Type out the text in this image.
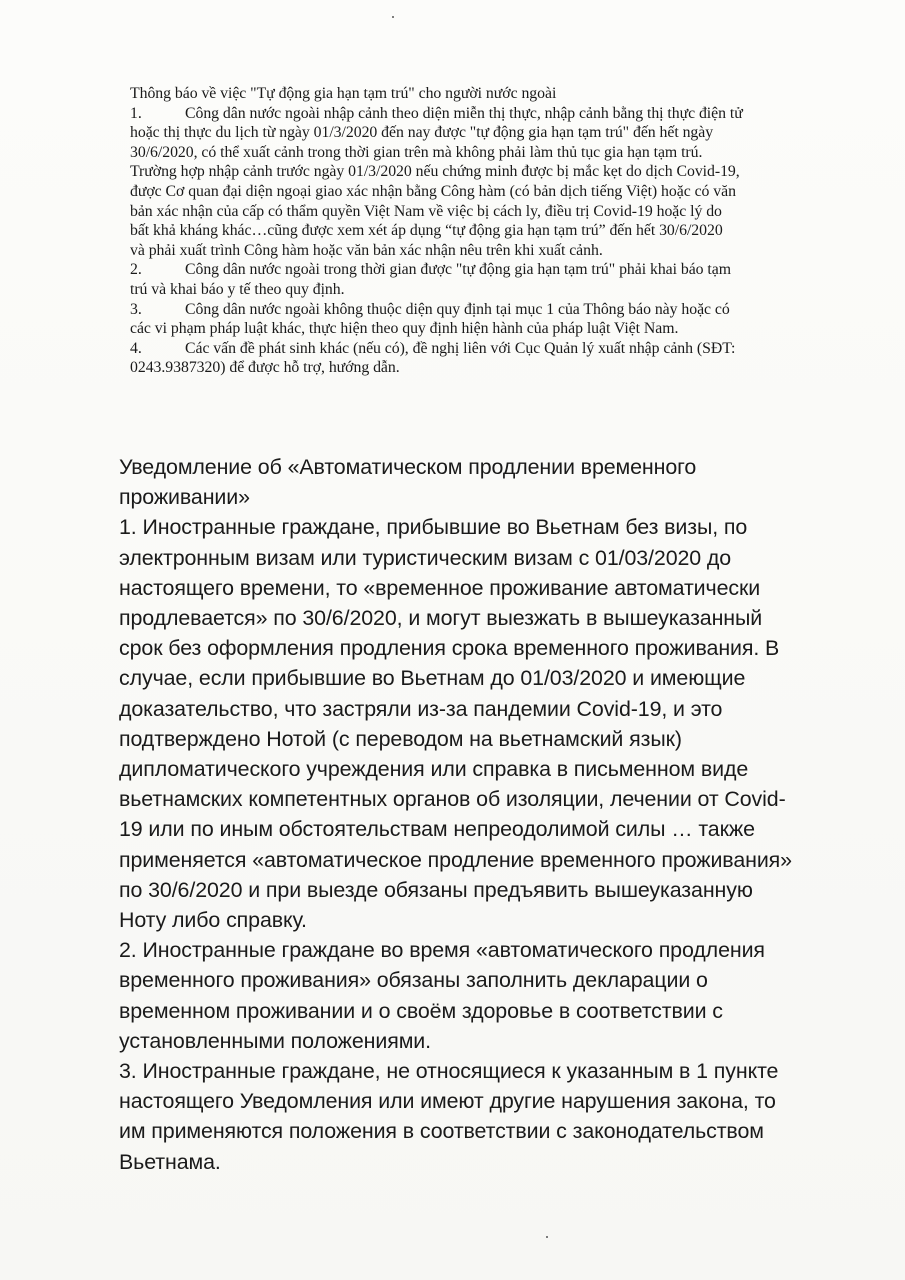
Thông báo về việc "Tự động gia hạn tạm trú" cho người nước ngoài

1.	Công dân nước ngoài nhập cảnh theo diện miễn thị thực, nhập cảnh bằng thị thực điện tử
hoặc thị thực du lịch từ ngày 01/3/2020 đến nay được "tự động gia hạn tạm trú" đến hết ngày
30/6/2020, có thể xuất cảnh trong thời gian trên mà không phải làm thủ tục gia hạn tạm trú.
Trường hợp nhập cảnh trước ngày 01/3/2020 nếu chứng minh được bị mắc kẹt do dịch Covid-19,
được Cơ quan đại diện ngoại giao xác nhận bằng Công hàm (có bản dịch tiếng Việt) hoặc có văn
bản xác nhận của cấp có thẩm quyền Việt Nam về việc bị cách ly, điều trị Covid-19 hoặc lý do
bất khả kháng khác…cũng được xem xét áp dụng “tự động gia hạn tạm trú” đến hết 30/6/2020
và phải xuất trình Công hàm hoặc văn bản xác nhận nêu trên khi xuất cảnh.

2.	Công dân nước ngoài trong thời gian được "tự động gia hạn tạm trú" phải khai báo tạm
trú và khai báo y tế theo quy định.

3.	Công dân nước ngoài không thuộc diện quy định tại mục 1 của Thông báo này hoặc có
các vi phạm pháp luật khác, thực hiện theo quy định hiện hành của pháp luật Việt Nam.

4.	Các vấn đề phát sinh khác (nếu có), đề nghị liên với Cục Quản lý xuất nhập cảnh (SĐT:
0243.9387320) để được hỗ trợ, hướng dẫn.

Уведомление об «Автоматическом продлении временного
проживании»

1. Иностранные граждане, прибывшие во Вьетнам без визы, по
электронным визам или туристическим визам с 01/03/2020 до
настоящего времени, то «временное проживание автоматически
продлевается» по 30/6/2020, и могут выезжать в вышеуказанный
срок без оформления продления срока временного проживания. В
случае, если прибывшие во Вьетнам до 01/03/2020 и имеющие
доказательство, что застряли из-за пандемии Covid-19, и это
подтверждено Нотой (с переводом на вьетнамский язык)
дипломатического учреждения или справка в письменном виде
вьетнамских компетентных органов об изоляции, лечении от Covid-
19 или по иным обстоятельствам непреодолимой силы … также
применяется «автоматическое продление временного проживания»
по 30/6/2020 и при выезде обязаны предъявить вышеуказанную
Ноту либо справку.

2. Иностранные граждане во время «автоматического продления
временного проживания» обязаны заполнить декларации о
временном проживании и о своём здоровье в соответствии с
установленными положениями.

3. Иностранные граждане, не относящиеся к указанным в 1 пункте
настоящего Уведомления или имеют другие нарушения закона, то
им применяются положения в соответствии с законодательством
Вьетнама.
